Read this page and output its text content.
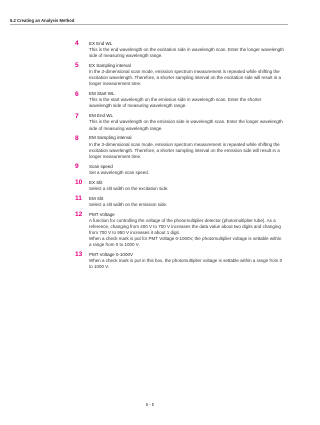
5.2 Creating an Analysis Method
4 EX End WL

This is the end wavelength on the excitation side in wavelength scan. Enter the longer wavelength side of measuring wavelength range.

5 EX Sampling interval

In the 3-dimensional scan mode, emission spectrum measurement is repeated while shifting the excitation wavelength. Therefore, a shorter sampling interval on the excitation side will result in a longer measurement time.

6 EM Start WL

This is the start wavelength on the emission side in wavelength scan. Enter the shorter wavelength side of measuring wavelength range.

7 EM End WL

This is the end wavelength on the emission side in wavelength scan. Enter the longer wavelength side of measuring wavelength range.

8 EM Sampling interval

In the 3-dimensional scan mode, emission spectrum measurement is repeated while shifting the excitation wavelength. Therefore, a shorter sampling interval on the emission side will result in a longer measurement time.

9 Scan speed

Set a wavelength scan speed.

10 EX Slit

Select a slit width on the excitation side.

11 EM Slit

Select a slit width on the emission side.

12 PMT Voltage

A function for controlling the voltage of the photomultiplier detector (photomultiplier tube). As a reference, changing from 400 V to 700 V increases the data value about two digits and changing from 700 V to 950 V increases it about 1 digit.

When a check mark is put for PMT Voltage 0-1000V, the photomultiplier voltage is settable within a range from 0 to 1000 V.

13 PMT Voltage 0-1000V

When a check mark is put in this box, the photomultiplier voltage is settable within a range from 0 to 1000 V.

5 - 5
